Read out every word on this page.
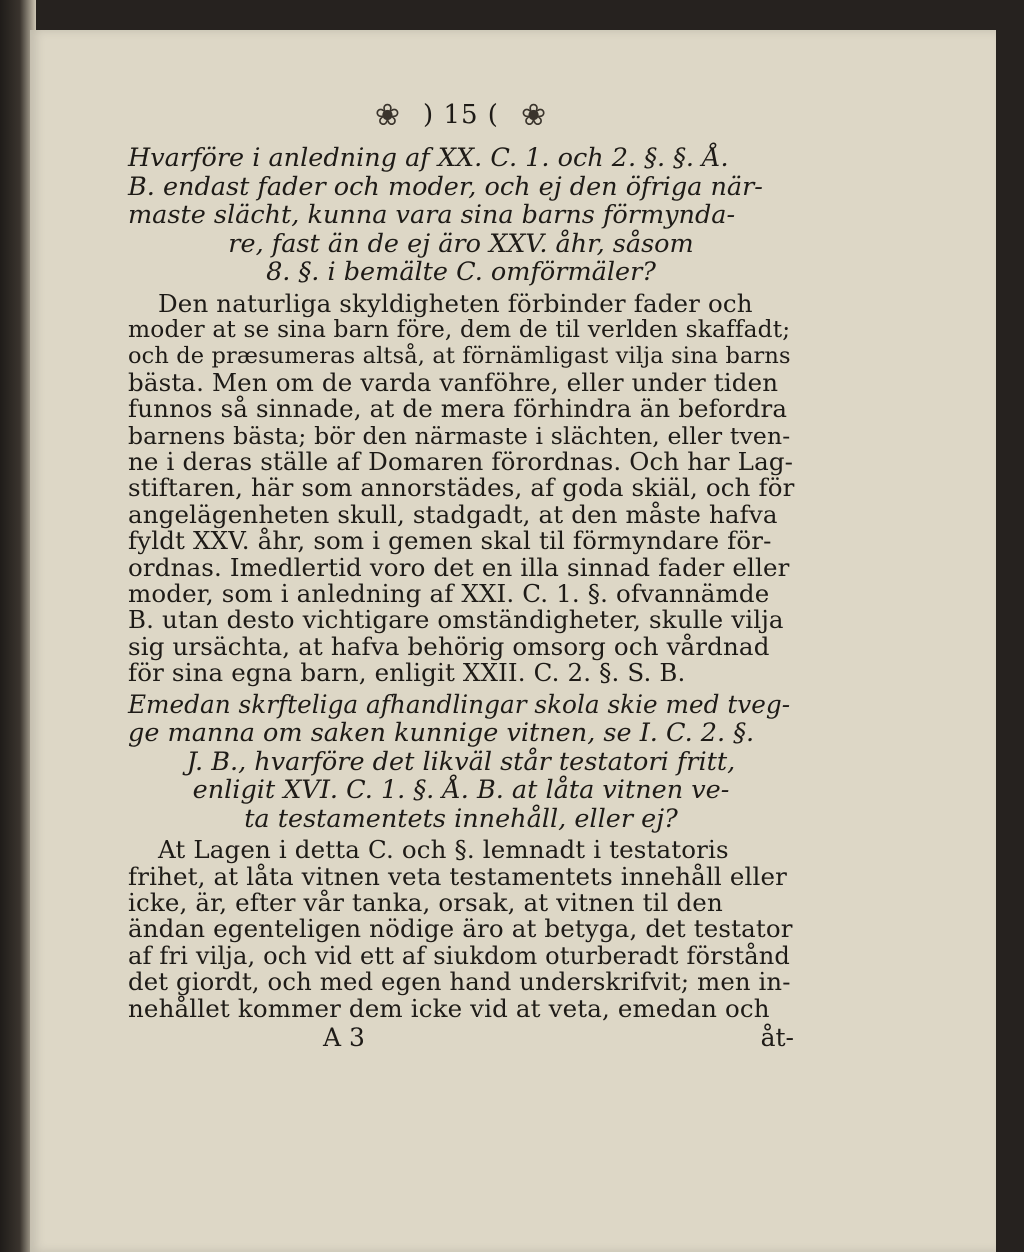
❀ ) 15 ( ❀
Hvarföre i anledning af XX. C. 1. och 2. §. §. Å.
B. endast fader och moder, och ej den öfriga när-
maste slächt, kunna vara sina barns förmynda-
re, fast än de ej äro XXV. åhr, såsom
8. §. i bemälte C. omförmäler?
Den naturliga skyldigheten förbinder fader och
moder at se sina barn före, dem de til verlden skaffadt;
och de præsumeras altså, at förnämligast vilja sina barns
bästa. Men om de varda vanföhre, eller under tiden
funnos så sinnade, at de mera förhindra än befordra
barnens bästa; bör den närmaste i slächten, eller tven-
ne i deras ställe af Domaren förordnas. Och har Lag-
stiftaren, här som annorstädes, af goda skiäl, och för
angelägenheten skull, stadgadt, at den måste hafva
fyldt XXV. åhr, som i gemen skal til förmyndare för-
ordnas. Imedlertid voro det en illa sinnad fader eller
moder, som i anledning af XXI. C. 1. §. ofvannämde
B. utan desto vichtigare omständigheter, skulle vilja
sig ursächta, at hafva behörig omsorg och vårdnad
för sina egna barn, enligit XXII. C. 2. §. S. B.
Emedan skrfteliga afhandlingar skola skie med tveg-
ge manna om saken kunnige vitnen, se I. C. 2. §.
J. B., hvarföre det likväl står testatori fritt,
enligit XVI. C. 1. §. Å. B. at låta vitnen ve-
ta testamentets innehåll, eller ej?
At Lagen i detta C. och §. lemnadt i testatoris
frihet, at låta vitnen veta testamentets innehåll eller
icke, är, efter vår tanka, orsak, at vitnen til den
ändan egenteligen nödige äro at betyga, det testator
af fri vilja, och vid ett af siukdom oturberadt förstånd
det giordt, och med egen hand underskrifvit; men in-
nehållet kommer dem icke vid at veta, emedan och
A 3	åt-
